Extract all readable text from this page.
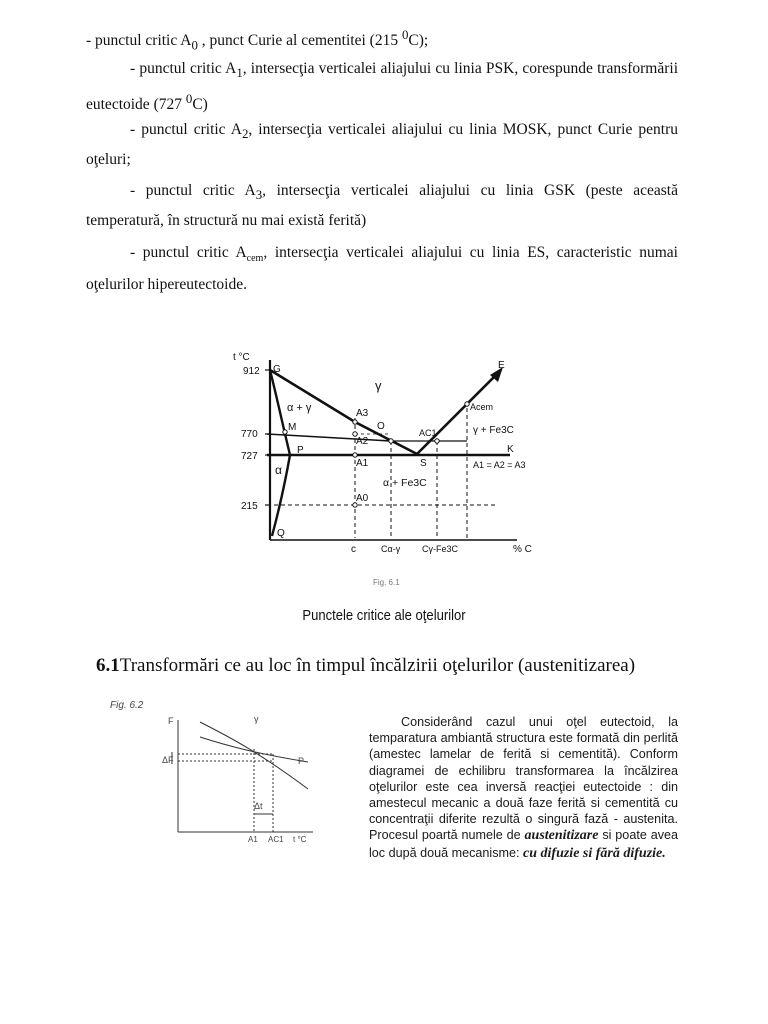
- punctul critic $A_0$ , punct Curie al cementitei (215 $^0$C);
- punctul critic $A_1$, intersecţia verticalei aliajului cu linia PSK, corespunde transformării eutectoide (727 $^0$C)
- punctul critic $A_2$, intersecţia verticalei aliajului cu linia MOSK, punct Curie pentru oţeluri;
- punctul critic $A_3$, intersecţia verticalei aliajului cu linia GSK (peste această temperatură, în structură nu mai există ferită)
- punctul critic $A_{cem}$, intersecţia verticalei aliajului cu linia ES, caracteristic numai oţelurilor hipereutectoide.
t °C
912
770
727
215
G
M
P
Q
O
S
E
K
γ
α + γ
α
α + Fe3C
γ + Fe3C
A3
A2
A1
A0
Acem
AC1
A1 = A2 = A3
c	Cα-γ Cγ-Fe3C	% C
Fig. 6.1
Punctele critice ale oţelurilor
6.1Transformări ce au loc în timpul încălzirii oţelurilor (austenitizarea)
Fig. 6.2
F	γ
P
ΔF
Δt
A1 AC1 t °C
Considerând cazul unui oţel eutectoid, la temparatura ambiantă structura este formată din perlită (amestec lamelar de ferită si cementită). Conform diagramei de echilibru transformarea la încălzirea oţelurilor este cea inversă reacţiei eutectoide : din amestecul mecanic a două faze ferită si cementită cu concentraţii diferite rezultă o singură fază - austenita. Procesul poartă numele de austenitizare si poate avea loc după două mecanisme: cu difuzie si fără difuzie.
